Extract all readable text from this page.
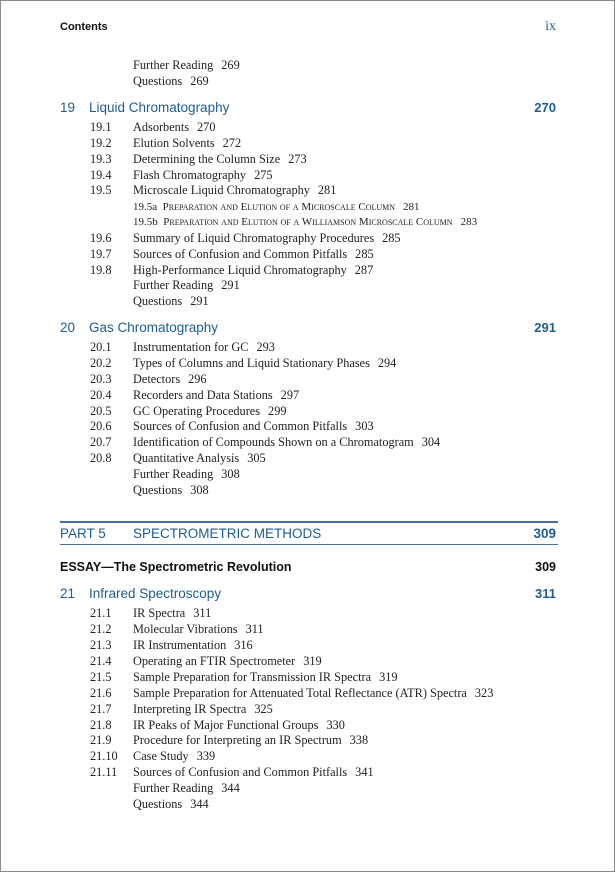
Contents	ix
Further Reading 269
Questions 269
19 Liquid Chromatography	270
19.1 Adsorbents 270
19.2 Elution Solvents 272
19.3 Determining the Column Size 273
19.4 Flash Chromatography 275
19.5 Microscale Liquid Chromatography 281
19.5a Preparation and Elution of a Microscale Column 281
19.5b Preparation and Elution of a Williamson Microscale Column 283
19.6 Summary of Liquid Chromatography Procedures 285
19.7 Sources of Confusion and Common Pitfalls 285
19.8 High-Performance Liquid Chromatography 287
Further Reading 291
Questions 291
20 Gas Chromatography	291
20.1 Instrumentation for GC 293
20.2 Types of Columns and Liquid Stationary Phases 294
20.3 Detectors 296
20.4 Recorders and Data Stations 297
20.5 GC Operating Procedures 299
20.6 Sources of Confusion and Common Pitfalls 303
20.7 Identification of Compounds Shown on a Chromatogram 304
20.8 Quantitative Analysis 305
Further Reading 308
Questions 308
PART 5 SPECTROMETRIC METHODS	309
ESSAY—The Spectrometric Revolution	309
21 Infrared Spectroscopy	311
21.1 IR Spectra 311
21.2 Molecular Vibrations 311
21.3 IR Instrumentation 316
21.4 Operating an FTIR Spectrometer 319
21.5 Sample Preparation for Transmission IR Spectra 319
21.6 Sample Preparation for Attenuated Total Reflectance (ATR) Spectra 323
21.7 Interpreting IR Spectra 325
21.8 IR Peaks of Major Functional Groups 330
21.9 Procedure for Interpreting an IR Spectrum 338
21.10 Case Study 339
21.11 Sources of Confusion and Common Pitfalls 341
Further Reading 344
Questions 344
